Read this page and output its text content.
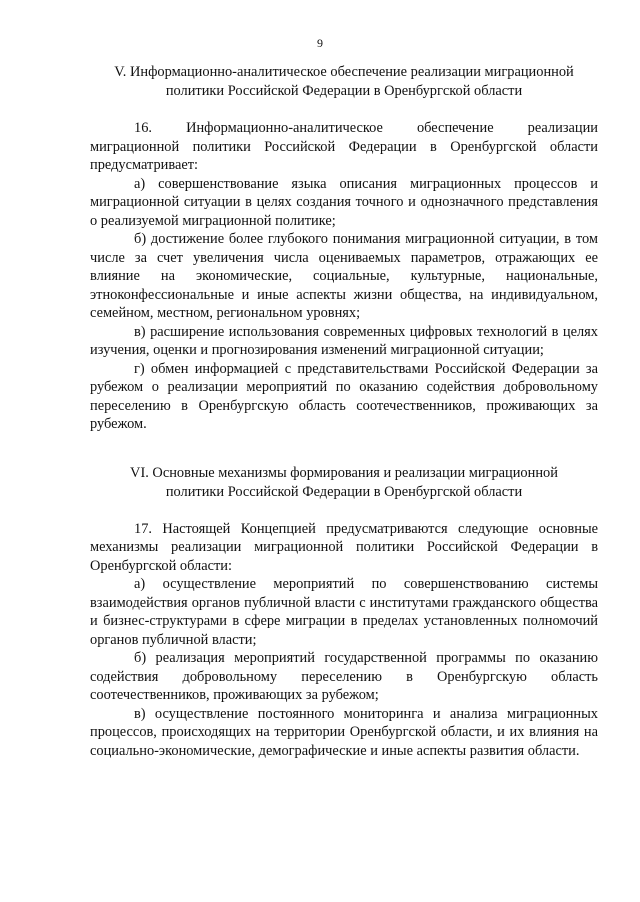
9
V. Информационно-аналитическое обеспечение реализации миграционной
политики Российской Федерации в Оренбургской области

16. Информационно-аналитическое обеспечение реализации миграционной политики Российской Федерации в Оренбургской области предусматривает:

а) совершенствование языка описания миграционных процессов и миграционной ситуации в целях создания точного и однозначного представления о реализуемой миграционной политике;

б) достижение более глубокого понимания миграционной ситуации, в том числе за счет увеличения числа оцениваемых параметров, отражающих ее влияние на экономические, социальные, культурные, национальные, этноконфессиональные и иные аспекты жизни общества, на индивидуальном, семейном, местном, региональном уровнях;

в) расширение использования современных цифровых технологий в целях изучения, оценки и прогнозирования изменений миграционной ситуации;

г) обмен информацией с представительствами Российской Федерации за рубежом о реализации мероприятий по оказанию содействия добровольному переселению в Оренбургскую область соотечественников, проживающих за рубежом.

VI. Основные механизмы формирования и реализации миграционной
политики Российской Федерации в Оренбургской области

17. Настоящей Концепцией предусматриваются следующие основные механизмы реализации миграционной политики Российской Федерации в Оренбургской области:

а) осуществление мероприятий по совершенствованию системы взаимодействия органов публичной власти с институтами гражданского общества и бизнес-структурами в сфере миграции в пределах установленных полномочий органов публичной власти;

б) реализация мероприятий государственной программы по оказанию содействия добровольному переселению в Оренбургскую область соотечественников, проживающих за рубежом;

в) осуществление постоянного мониторинга и анализа миграционных процессов, происходящих на территории Оренбургской области, и их влияния на социально-экономические, демографические и иные аспекты развития области.
